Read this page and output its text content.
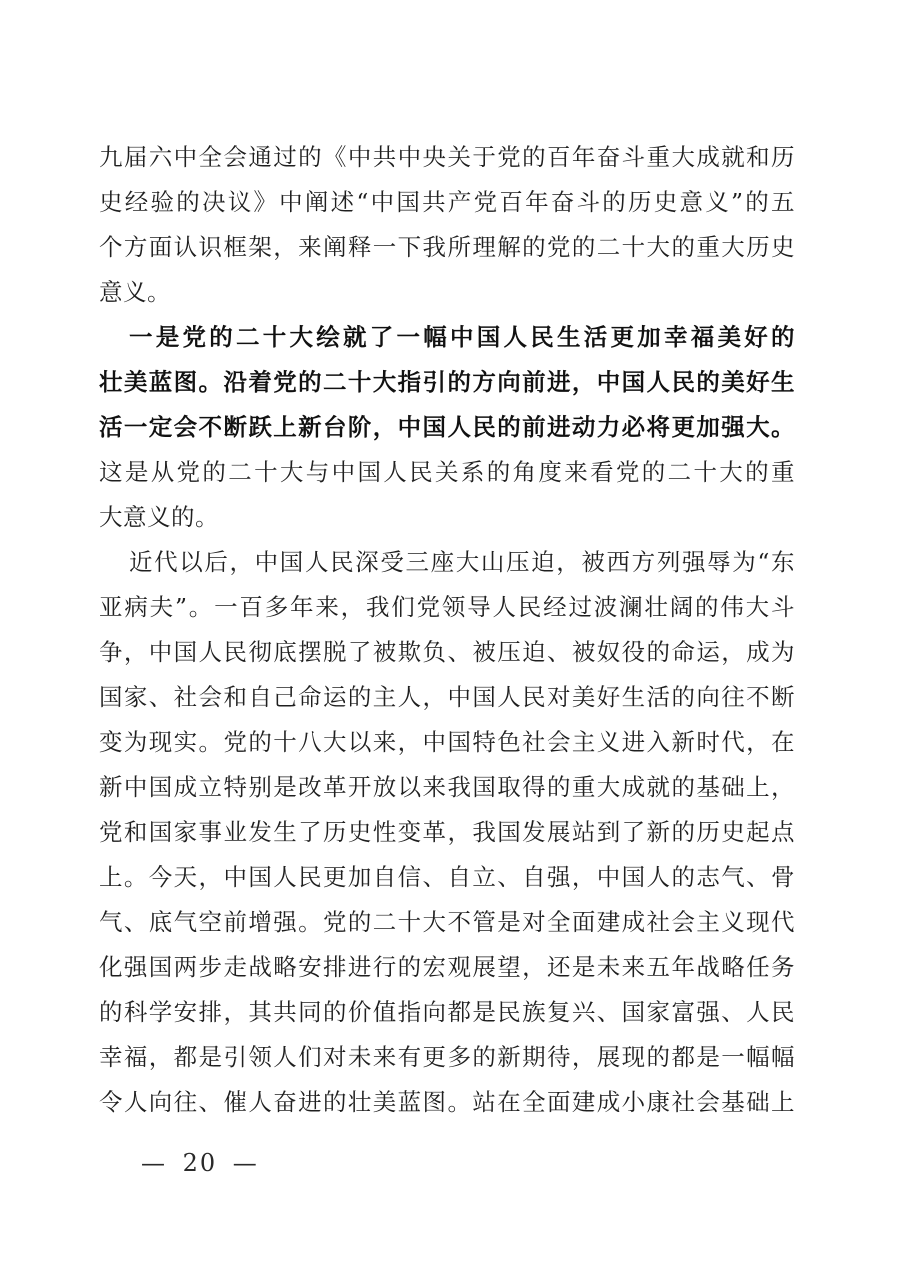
九届六中全会通过的《中共中央关于党的百年奋斗重大成就和历
史经验的决议》中阐述“中国共产党百年奋斗的历史意义”的五
个方面认识框架，来阐释一下我所理解的党的二十大的重大历史
意义。
一是党的二十大绘就了一幅中国人民生活更加幸福美好的
壮美蓝图。沿着党的二十大指引的方向前进，中国人民的美好生
活一定会不断跃上新台阶，中国人民的前进动力必将更加强大。
这是从党的二十大与中国人民关系的角度来看党的二十大的重
大意义的。
近代以后，中国人民深受三座大山压迫，被西方列强辱为“东
亚病夫”。一百多年来，我们党领导人民经过波澜壮阔的伟大斗
争，中国人民彻底摆脱了被欺负、被压迫、被奴役的命运，成为
国家、社会和自己命运的主人，中国人民对美好生活的向往不断
变为现实。党的十八大以来，中国特色社会主义进入新时代，在
新中国成立特别是改革开放以来我国取得的重大成就的基础上，
党和国家事业发生了历史性变革，我国发展站到了新的历史起点
上。今天，中国人民更加自信、自立、自强，中国人的志气、骨
气、底气空前增强。党的二十大不管是对全面建成社会主义现代
化强国两步走战略安排进行的宏观展望，还是未来五年战略任务
的科学安排，其共同的价值指向都是民族复兴、国家富强、人民
幸福，都是引领人们对未来有更多的新期待，展现的都是一幅幅
令人向往、催人奋进的壮美蓝图。站在全面建成小康社会基础上
— 20 —
